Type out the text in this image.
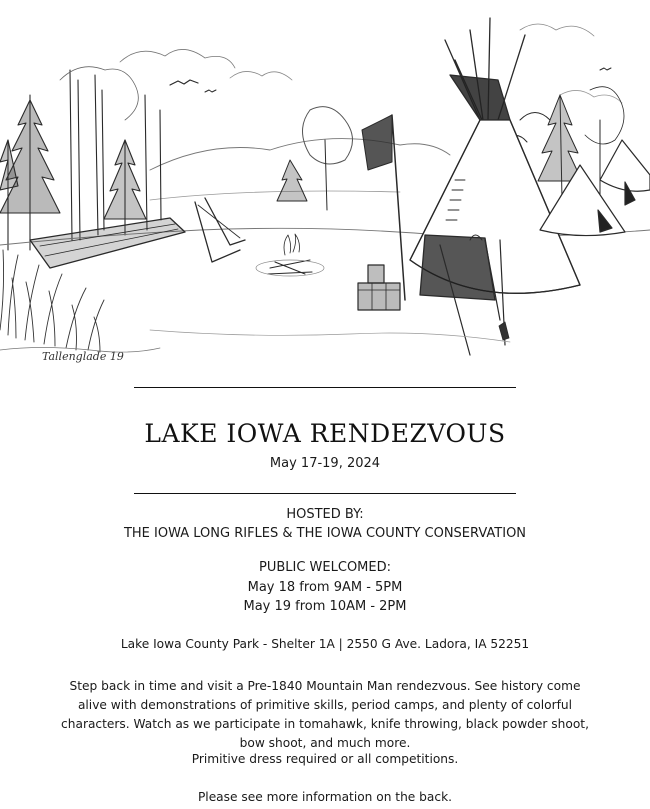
Tallenglade 19
LAKE IOWA RENDEZVOUS
May 17-19, 2024
HOSTED BY:
THE IOWA LONG RIFLES & THE IOWA COUNTY CONSERVATION
PUBLIC WELCOMED:
May 18 from 9AM - 5PM
May 19 from 10AM - 2PM
Lake Iowa County Park - Shelter 1A | 2550 G Ave. Ladora, IA 52251
Step back in time and visit a Pre-1840 Mountain Man rendezvous. See history come alive with demonstrations of primitive skills, period camps, and plenty of colorful characters. Watch as we participate in tomahawk, knife throwing, black powder shoot, bow shoot, and much more.
Primitive dress required or all competitions.
Please see more information on the back.
